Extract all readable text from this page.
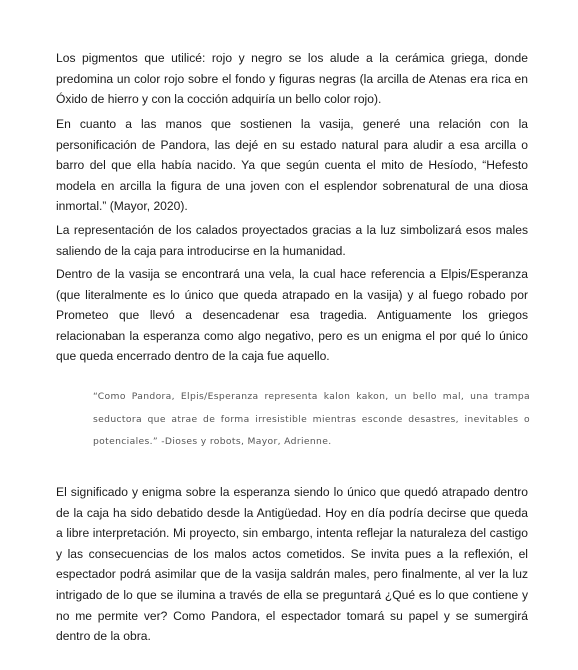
Los pigmentos que utilicé: rojo y negro se los alude a la cerámica griega, donde predomina un color rojo sobre el fondo y figuras negras (la arcilla de Atenas era rica en Óxido de hierro y con la cocción adquiría un bello color rojo).

En cuanto a las manos que sostienen la vasija, generé una relación con la personificación de Pandora, las dejé en su estado natural para aludir a esa arcilla o barro del que ella había nacido. Ya que según cuenta el mito de Hesíodo, “Hefesto modela en arcilla la figura de una joven con el esplendor sobrenatural de una diosa inmortal.” (Mayor, 2020).

La representación de los calados proyectados gracias a la luz simbolizará esos males saliendo de la caja para introducirse en la humanidad.

Dentro de la vasija se encontrará una vela, la cual hace referencia a Elpis/Esperanza (que literalmente es lo único que queda atrapado en la vasija) y al fuego robado por Prometeo que llevó a desencadenar esa tragedia. Antiguamente los griegos relacionaban la esperanza como algo negativo, pero es un enigma el por qué lo único que queda encerrado dentro de la caja fue aquello.

“Como Pandora, Elpis/Esperanza representa kalon kakon, un bello mal, una trampa seductora que atrae de forma irresistible mientras esconde desastres, inevitables o potenciales.” -Dioses y robots, Mayor, Adrienne.

El significado y enigma sobre la esperanza siendo lo único que quedó atrapado dentro de la caja ha sido debatido desde la Antigüedad. Hoy en día podría decirse que queda a libre interpretación. Mi proyecto, sin embargo, intenta reflejar la naturaleza del castigo y las consecuencias de los malos actos cometidos. Se invita pues a la reflexión, el espectador podrá asimilar que de la vasija saldrán males, pero finalmente, al ver la luz intrigado de lo que se ilumina a través de ella se preguntará ¿Qué es lo que contiene y no me permite ver? Como Pandora, el espectador tomará su papel y se sumergirá dentro de la obra.
